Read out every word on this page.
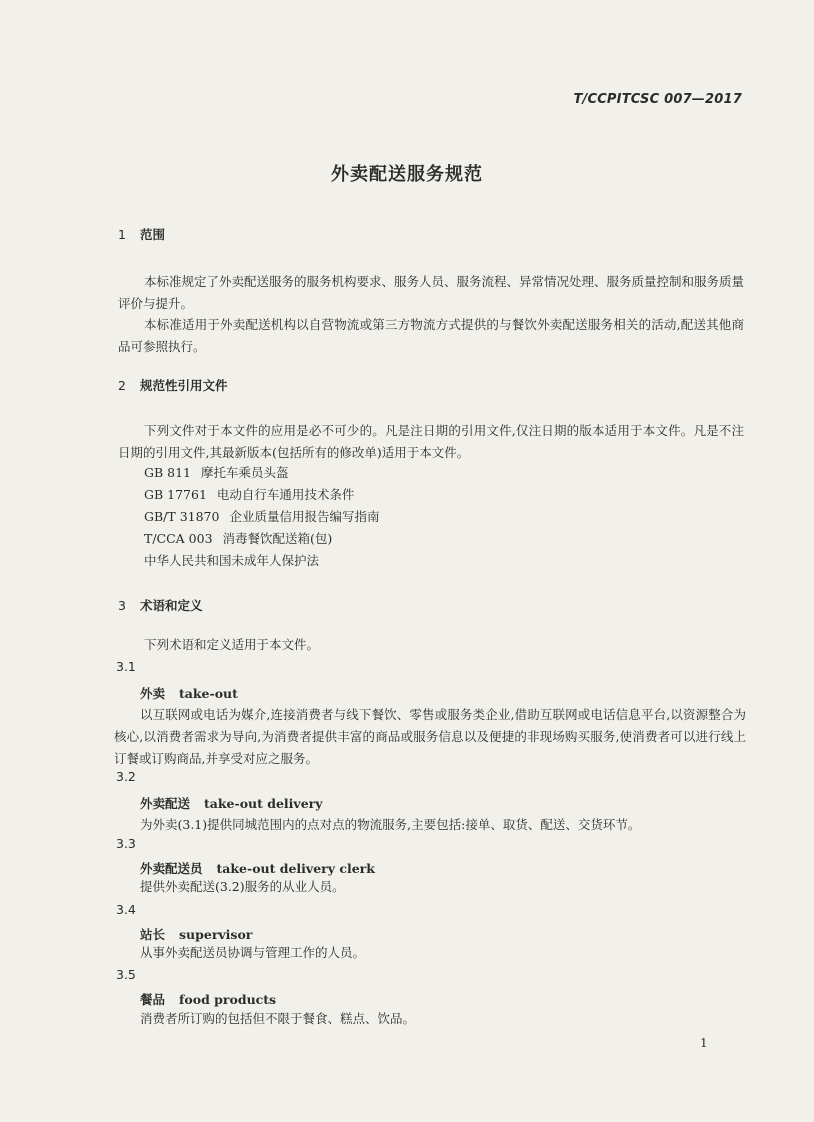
T/CCPITCSC 007—2017
外卖配送服务规范
1 范围

本标准规定了外卖配送服务的服务机构要求、服务人员、服务流程、异常情况处理、服务质量控制和服务质量评价与提升。

本标准适用于外卖配送机构以自营物流或第三方物流方式提供的与餐饮外卖配送服务相关的活动,配送其他商品可参照执行。

2 规范性引用文件

下列文件对于本文件的应用是必不可少的。凡是注日期的引用文件,仅注日期的版本适用于本文件。凡是不注日期的引用文件,其最新版本(包括所有的修改单)适用于本文件。

GB 811 摩托车乘员头盔
GB 17761 电动自行车通用技术条件
GB/T 31870 企业质量信用报告编写指南
T/CCA 003 消毒餐饮配送箱(包)
中华人民共和国未成年人保护法
3 术语和定义

下列术语和定义适用于本文件。

3.1
外卖 take-out

以互联网或电话为媒介,连接消费者与线下餐饮、零售或服务类企业,借助互联网或电话信息平台,以资源整合为核心,以消费者需求为导向,为消费者提供丰富的商品或服务信息以及便捷的非现场购买服务,使消费者可以进行线上订餐或订购商品,并享受对应之服务。

3.2
外卖配送 take-out delivery

为外卖(3.1)提供同城范围内的点对点的物流服务,主要包括:接单、取货、配送、交货环节。

3.3
外卖配送员 take-out delivery clerk

提供外卖配送(3.2)服务的从业人员。

3.4
站长 supervisor

从事外卖配送员协调与管理工作的人员。

3.5
餐品 food products

消费者所订购的包括但不限于餐食、糕点、饮品。

1
